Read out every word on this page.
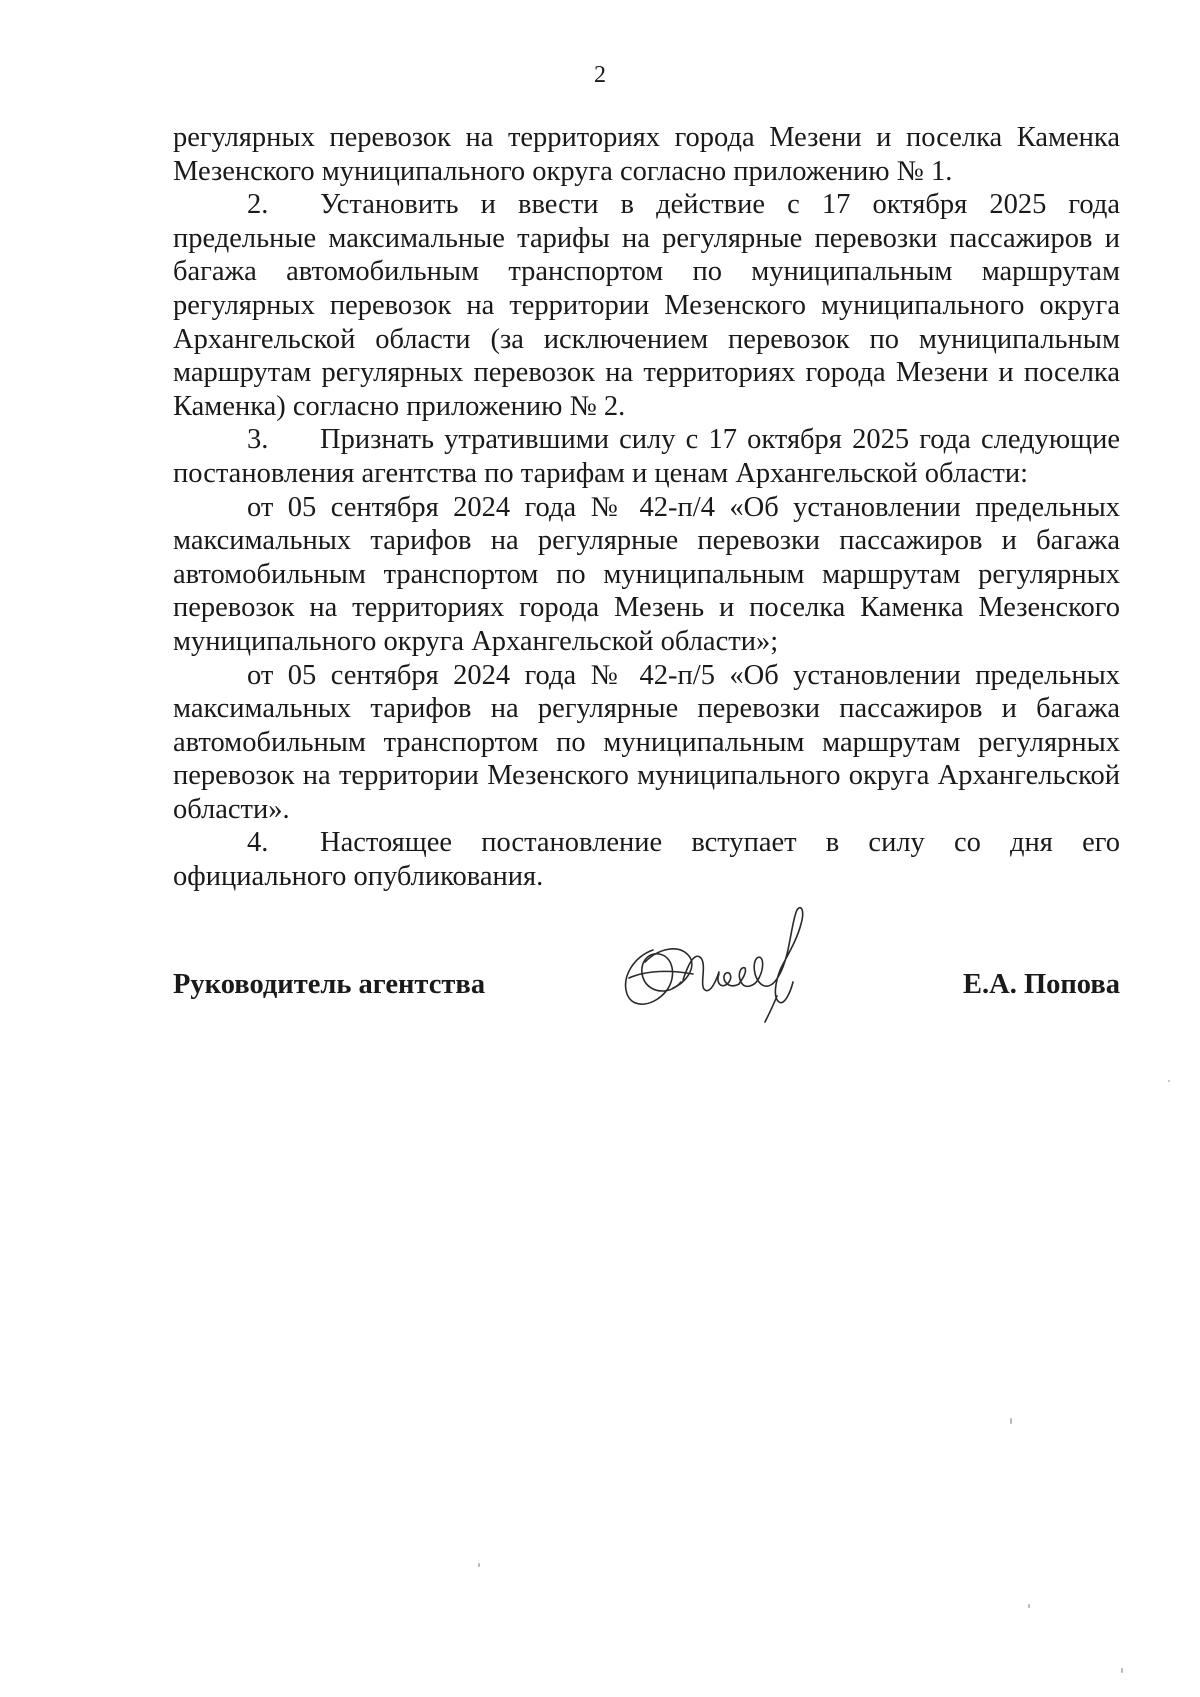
2

регулярных перевозок на территориях города Мезени и поселка Каменка Мезенского муниципального округа согласно приложению № 1.

2. Установить и ввести в действие с 17 октября 2025 года предельные максимальные тарифы на регулярные перевозки пассажиров и багажа автомобильным транспортом по муниципальным маршрутам регулярных перевозок на территории Мезенского муниципального округа Архангельской области (за исключением перевозок по муниципальным маршрутам регулярных перевозок на территориях города Мезени и поселка Каменка) согласно приложению № 2.

3. Признать утратившими силу с 17 октября 2025 года следующие постановления агентства по тарифам и ценам Архангельской области:

от 05 сентября 2024 года № 42-п/4 «Об установлении предельных максимальных тарифов на регулярные перевозки пассажиров и багажа автомобильным транспортом по муниципальным маршрутам регулярных перевозок на территориях города Мезень и поселка Каменка Мезенского муниципального округа Архангельской области»;

от 05 сентября 2024 года № 42-п/5 «Об установлении предельных максимальных тарифов на регулярные перевозки пассажиров и багажа автомобильным транспортом по муниципальным маршрутам регулярных перевозок на территории Мезенского муниципального округа Архангельской области».

4. Настоящее постановление вступает в силу со дня его официального опубликования.

Руководитель агентства	Е.А. Попова
